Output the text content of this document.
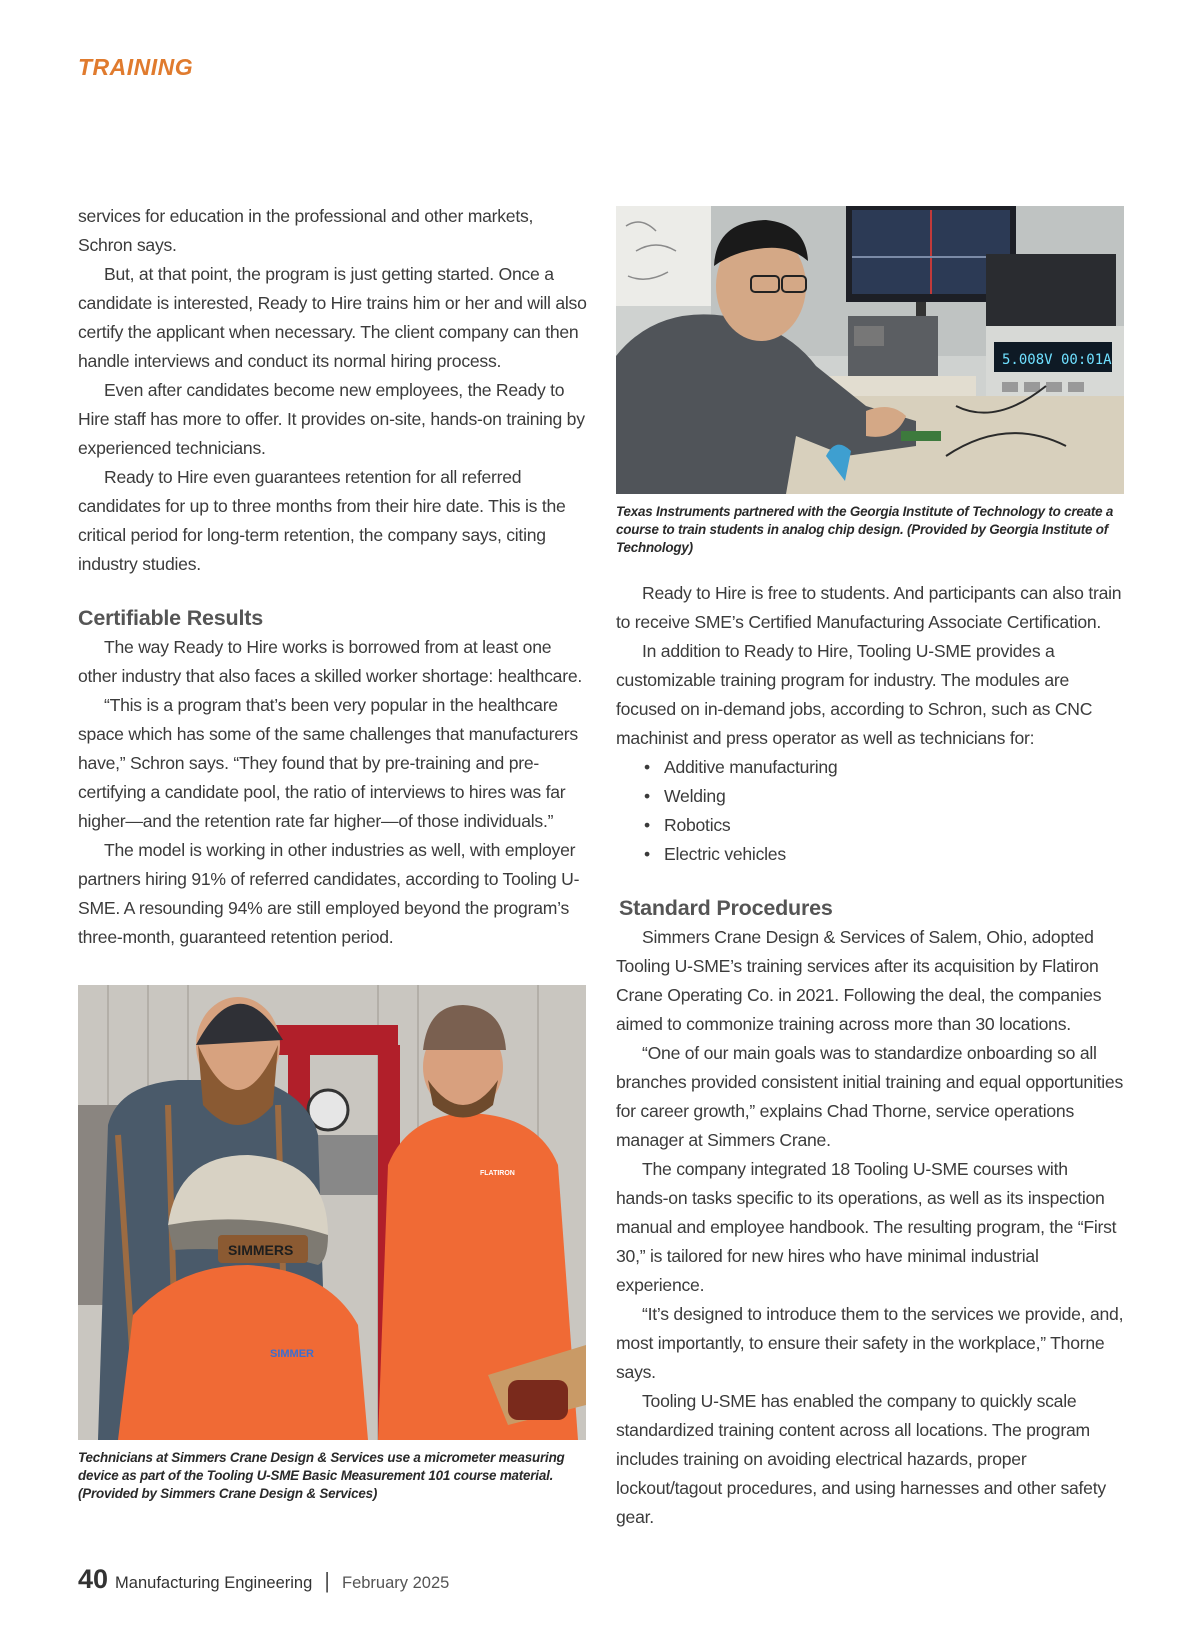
TRAINING

services for education in the professional and other markets, Schron says.

But, at that point, the program is just getting started. Once a candidate is interested, Ready to Hire trains him or her and will also certify the applicant when necessary. The client company can then handle interviews and conduct its normal hiring process.

Even after candidates become new employees, the Ready to Hire staff has more to offer. It provides on-site, hands-on training by experienced technicians.

Ready to Hire even guarantees retention for all referred candidates for up to three months from their hire date. This is the critical period for long-term retention, the company says, citing industry studies.

Certifiable Results

The way Ready to Hire works is borrowed from at least one other industry that also faces a skilled worker shortage: healthcare.

“This is a program that’s been very popular in the healthcare space which has some of the same challenges that manufacturers have,” Schron says. “They found that by pre-training and pre-certifying a candidate pool, the ratio of interviews to hires was far higher—and the retention rate far higher—of those individuals.”

The model is working in other industries as well, with employer partners hiring 91% of referred candidates, according to Tooling U-SME. A resounding 94% are still employed beyond the program’s three-month, guaranteed retention period.

5.008V 00:01A
Texas Instruments partnered with the Georgia Institute of Technology to create a course to train students in analog chip design. (Provided by Georgia Institute of Technology)

Ready to Hire is free to students. And participants can also train to receive SME’s Certified Manufacturing Associate Certification.

In addition to Ready to Hire, Tooling U-SME provides a customizable training program for industry. The modules are focused on in-demand jobs, according to Schron, such as CNC machinist and press operator as well as technicians for:

• Additive manufacturing
• Welding
• Robotics
• Electric vehicles
Standard Procedures

Simmers Crane Design & Services of Salem, Ohio, adopted Tooling U-SME’s training services after its acquisition by Flatiron Crane Operating Co. in 2021. Following the deal, the companies aimed to commonize training across more than 30 locations.

“One of our main goals was to standardize onboarding so all branches provided consistent initial training and equal opportunities for career growth,” explains Chad Thorne, service operations manager at Simmers Crane.

The company integrated 18 Tooling U-SME courses with hands-on tasks specific to its operations, as well as its inspection manual and employee handbook. The resulting program, the “First 30,” is tailored for new hires who have minimal industrial experience.

“It’s designed to introduce them to the services we provide, and, most importantly, to ensure their safety in the workplace,” Thorne says.

Tooling U-SME has enabled the company to quickly scale standardized training content across all locations. The program includes training on avoiding electrical hazards, proper lockout/tagout procedures, and using harnesses and other safety gear.

FLATIRON
SIMMERS
SIMMER
Technicians at Simmers Crane Design & Services use a micrometer measuring device as part of the Tooling U-SME Basic Measurement 101 course material. (Provided by Simmers Crane Design & Services)
40 Manufacturing Engineering | February 2025
